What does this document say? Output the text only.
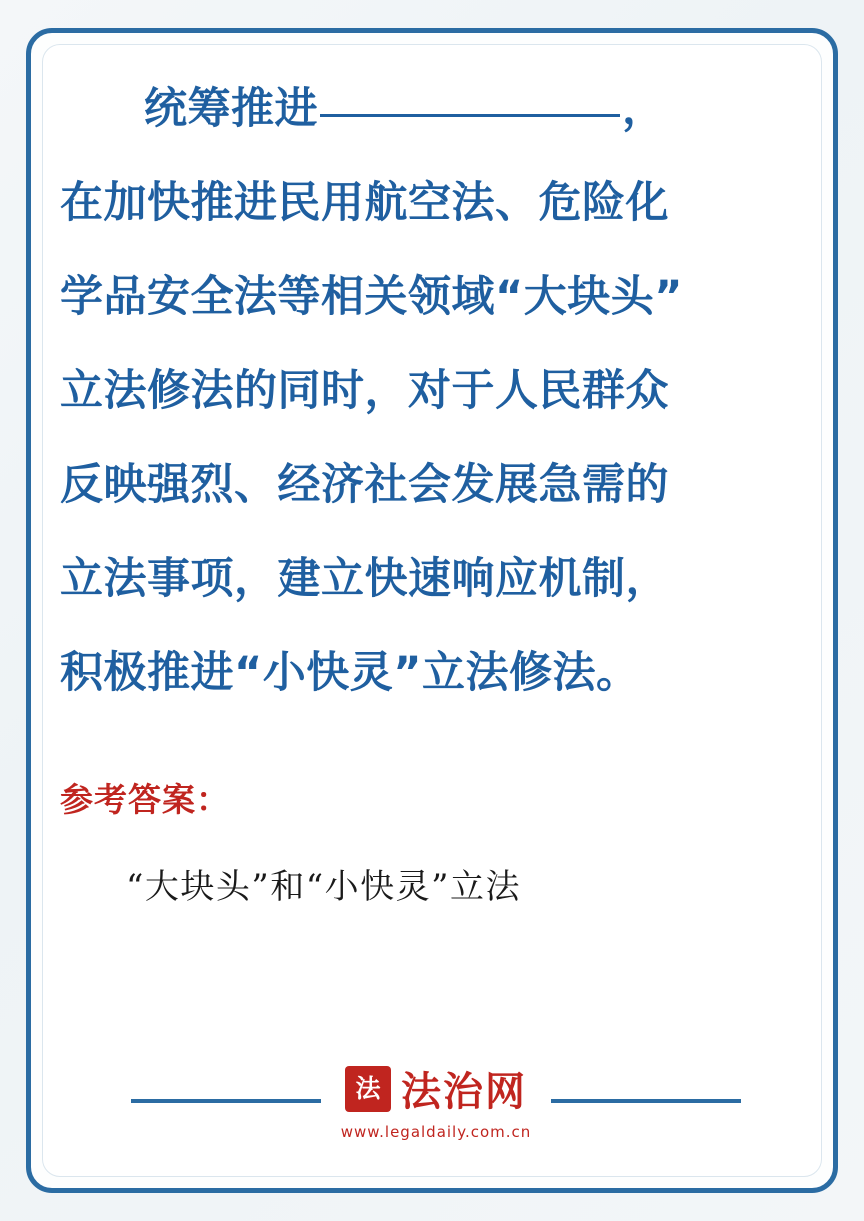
统筹推进	，
在加快推进民用航空法、危险化
学品安全法等相关领域“大块头”
立法修法的同时，对于人民群众
反映强烈、经济社会发展急需的
立法事项，建立快速响应机制，
积极推进“小快灵”立法修法。
参考答案：
“大块头”和“小快灵”立法
法 法治网
www.legaldaily.com.cn
